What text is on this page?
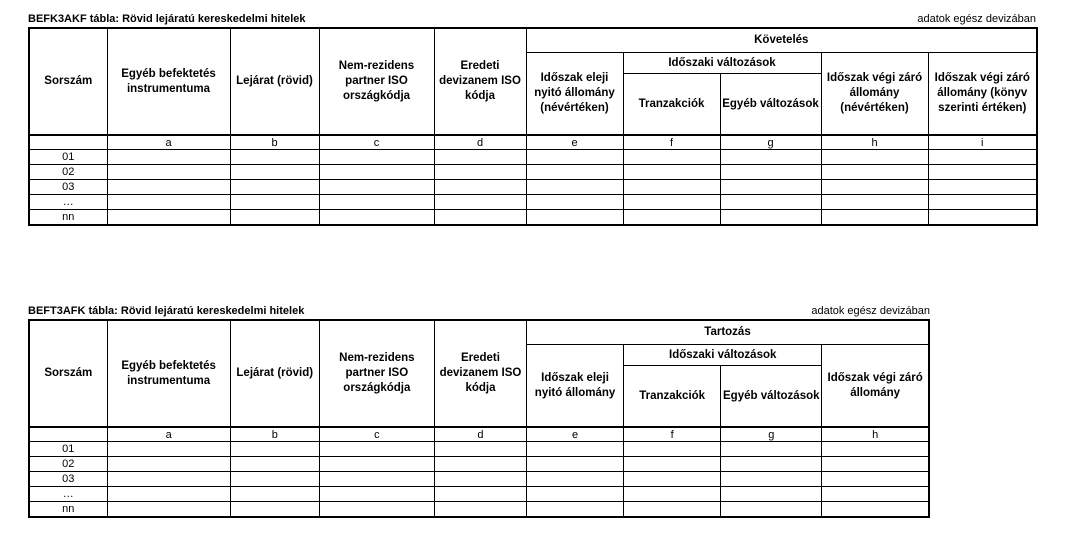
BEFK3AKF tábla: Rövid lejáratú kereskedelmi hitelek	adatok egész devizában
Sorszám	Egyéb befektetés instrumentuma	Lejárat (rövid)	Nem-rezidens partner ISO országkódja	Eredeti devizanem ISO kódja	Követelés				
					Időszak eleji nyitó állomány (névértéken)	Időszaki változások		Időszak végi záró állomány (névértéken)	Időszak végi záró állomány (könyv szerinti értéken)
						Tranzakciók	Egyéb változások		
	a	b	c	d	e	f	g	h	i
01									
02									
03									
…									
nn									
BEFT3AFK tábla: Rövid lejáratú kereskedelmi hitelek	adatok egész devizában
Sorszám	Egyéb befektetés instrumentuma	Lejárat (rövid)	Nem-rezidens partner ISO országkódja	Eredeti devizanem ISO kódja	Tartozás			
					Időszak eleji nyitó állomány	Időszaki változások		Időszak végi záró állomány
						Tranzakciók	Egyéb változások	
	a	b	c	d	e	f	g	h
01								
02								
03								
…								
nn								
